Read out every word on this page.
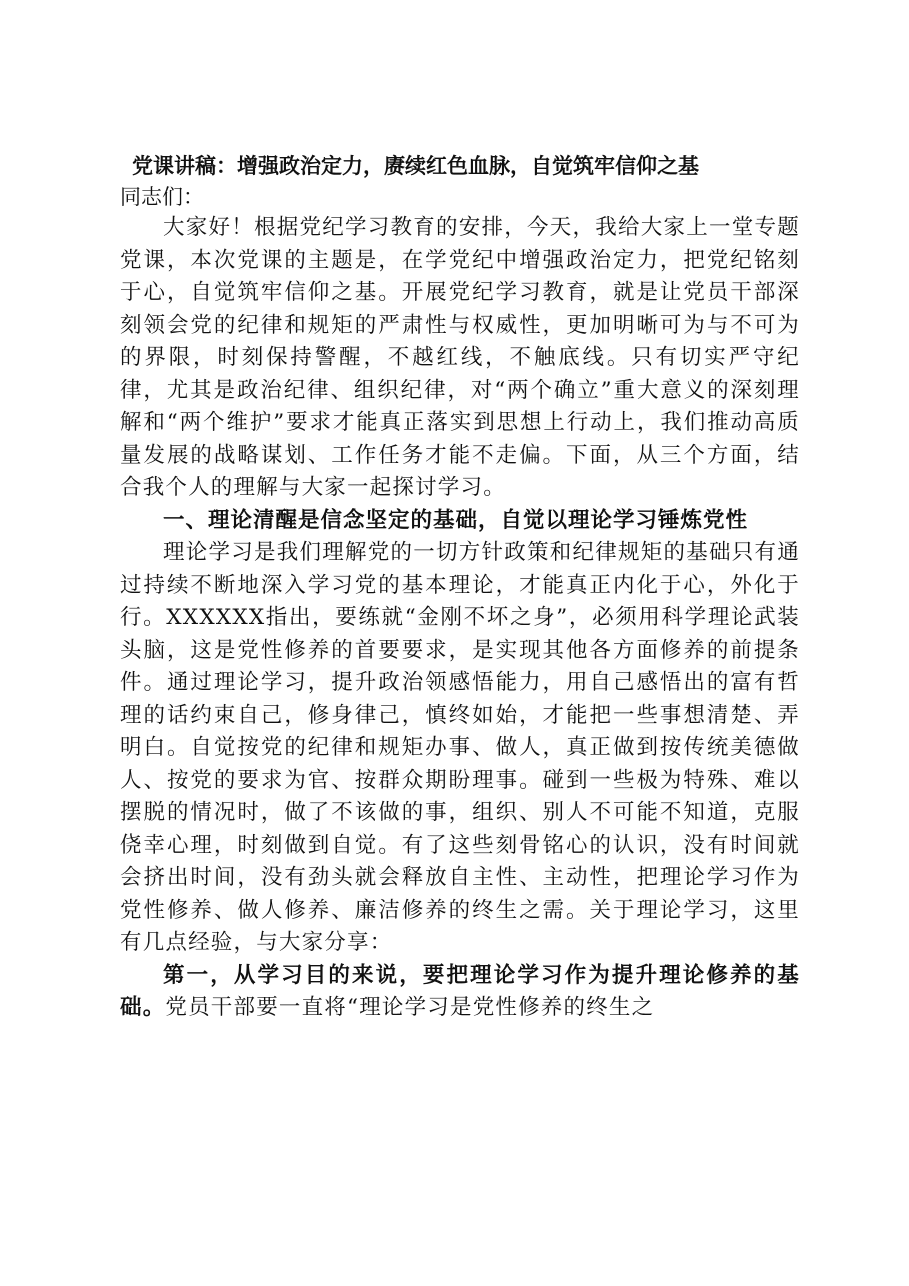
党课讲稿：增强政治定力，赓续红色血脉，自觉筑牢信仰之基

同志们：

大家好！根据党纪学习教育的安排，今天，我给大家上一堂专题党课，本次党课的主题是，在学党纪中增强政治定力，把党纪铭刻于心，自觉筑牢信仰之基。开展党纪学习教育，就是让党员干部深刻领会党的纪律和规矩的严肃性与权威性，更加明晰可为与不可为的界限，时刻保持警醒，不越红线，不触底线。只有切实严守纪律，尤其是政治纪律、组织纪律，对“两个确立”重大意义的深刻理解和“两个维护”要求才能真正落实到思想上行动上，我们推动高质量发展的战略谋划、工作任务才能不走偏。下面，从三个方面，结合我个人的理解与大家一起探讨学习。

一、理论清醒是信念坚定的基础，自觉以理论学习锤炼党性

理论学习是我们理解党的一切方针政策和纪律规矩的基础只有通过持续不断地深入学习党的基本理论，才能真正内化于心，外化于行。XXXXXX指出，要练就“金刚不坏之身”，必须用科学理论武装头脑，这是党性修养的首要要求，是实现其他各方面修养的前提条件。通过理论学习，提升政治领感悟能力，用自己感悟出的富有哲理的话约束自己，修身律己，慎终如始，才能把一些事想清楚、弄明白。自觉按党的纪律和规矩办事、做人，真正做到按传统美德做人、按党的要求为官、按群众期盼理事。碰到一些极为特殊、难以摆脱的情况时，做了不该做的事，组织、别人不可能不知道，克服侥幸心理，时刻做到自觉。有了这些刻骨铭心的认识，没有时间就会挤出时间，没有劲头就会释放自主性、主动性，把理论学习作为党性修养、做人修养、廉洁修养的终生之需。关于理论学习，这里有几点经验，与大家分享：

第一，从学习目的来说，要把理论学习作为提升理论修养的基础。党员干部要一直将“理论学习是党性修养的终生之
